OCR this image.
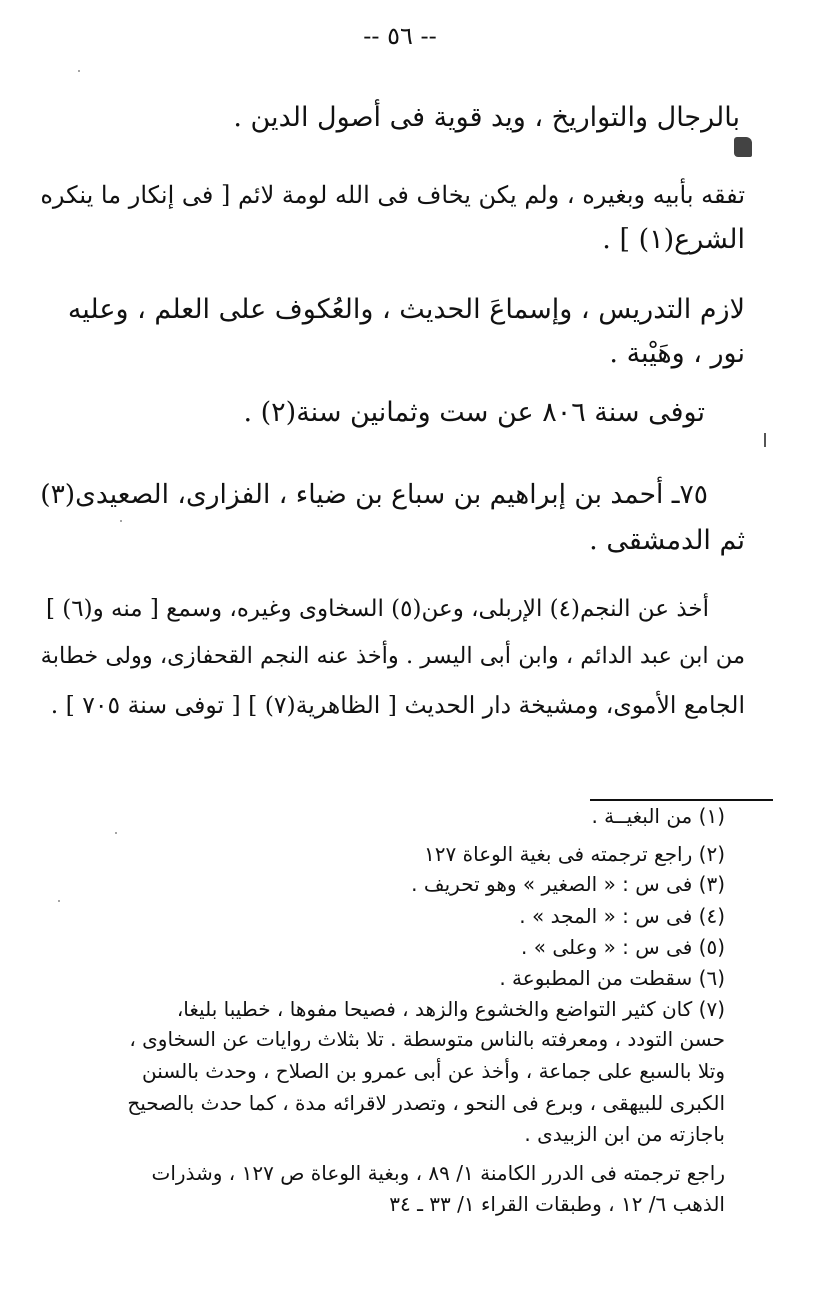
-- ٥٦ --
بالرجال والتواريخ ، ويد قوية فى أصول الدين .
تفقه بأبيه وبغيره ، ولم يكن يخاف فى الله لومة لائم [ فى إنكار ما ينكره
الشرع(١) ] .
لازم التدريس ، وإسماعَ الحديث ، والعُكوف على العلم ، وعليه
نور ، وهَيْبة .
توفى سنة ٨٠٦ عن ست وثمانين سنة(٢) .
٧٥ـ أحمد بن إبراهيم بن سباع بن ضياء ، الفزارى، الصعيدى(٣)
ثم الدمشقى .
أخذ عن النجم(٤) الإربلى، وعن(٥) السخاوى وغيره، وسمع [ منه و(٦) ]
من ابن عبد الدائم ، وابن أبى اليسر . وأخذ عنه النجم القحفازى، وولى خطابة
الجامع الأموى، ومشيخة دار الحديث [ الظاهرية(٧) ] [ توفى سنة ٧٠٥ ] .
(١) من البغيــة .
(٢) راجع ترجمته فى بغية الوعاة ١٢٧
(٣) فى س : « الصغير » وهو تحريف .
(٤) فى س : « المجد » .
(٥) فى س : « وعلى » .
(٦) سقطت من المطبوعة .
(٧) كان كثير التواضع والخشوع والزهد ، فصيحا مفوها ، خطيبا بليغا،
حسن التودد ، ومعرفته بالناس متوسطة . تلا بثلاث روايات عن السخاوى ،
وتلا بالسبع على جماعة ، وأخذ عن أبى عمرو بن الصلاح ، وحدث بالسنن
الكبرى للبيهقى ، وبرع فى النحو ، وتصدر لاقرائه مدة ، كما حدث بالصحيح
باجازته من ابن الزبيدى .
راجع ترجمته فى الدرر الكامنة ١/ ٨٩ ، وبغية الوعاة ص ١٢٧ ، وشذرات
الذهب ٦/ ١٢ ، وطبقات القراء ١/ ٣٣ ـ ٣٤
